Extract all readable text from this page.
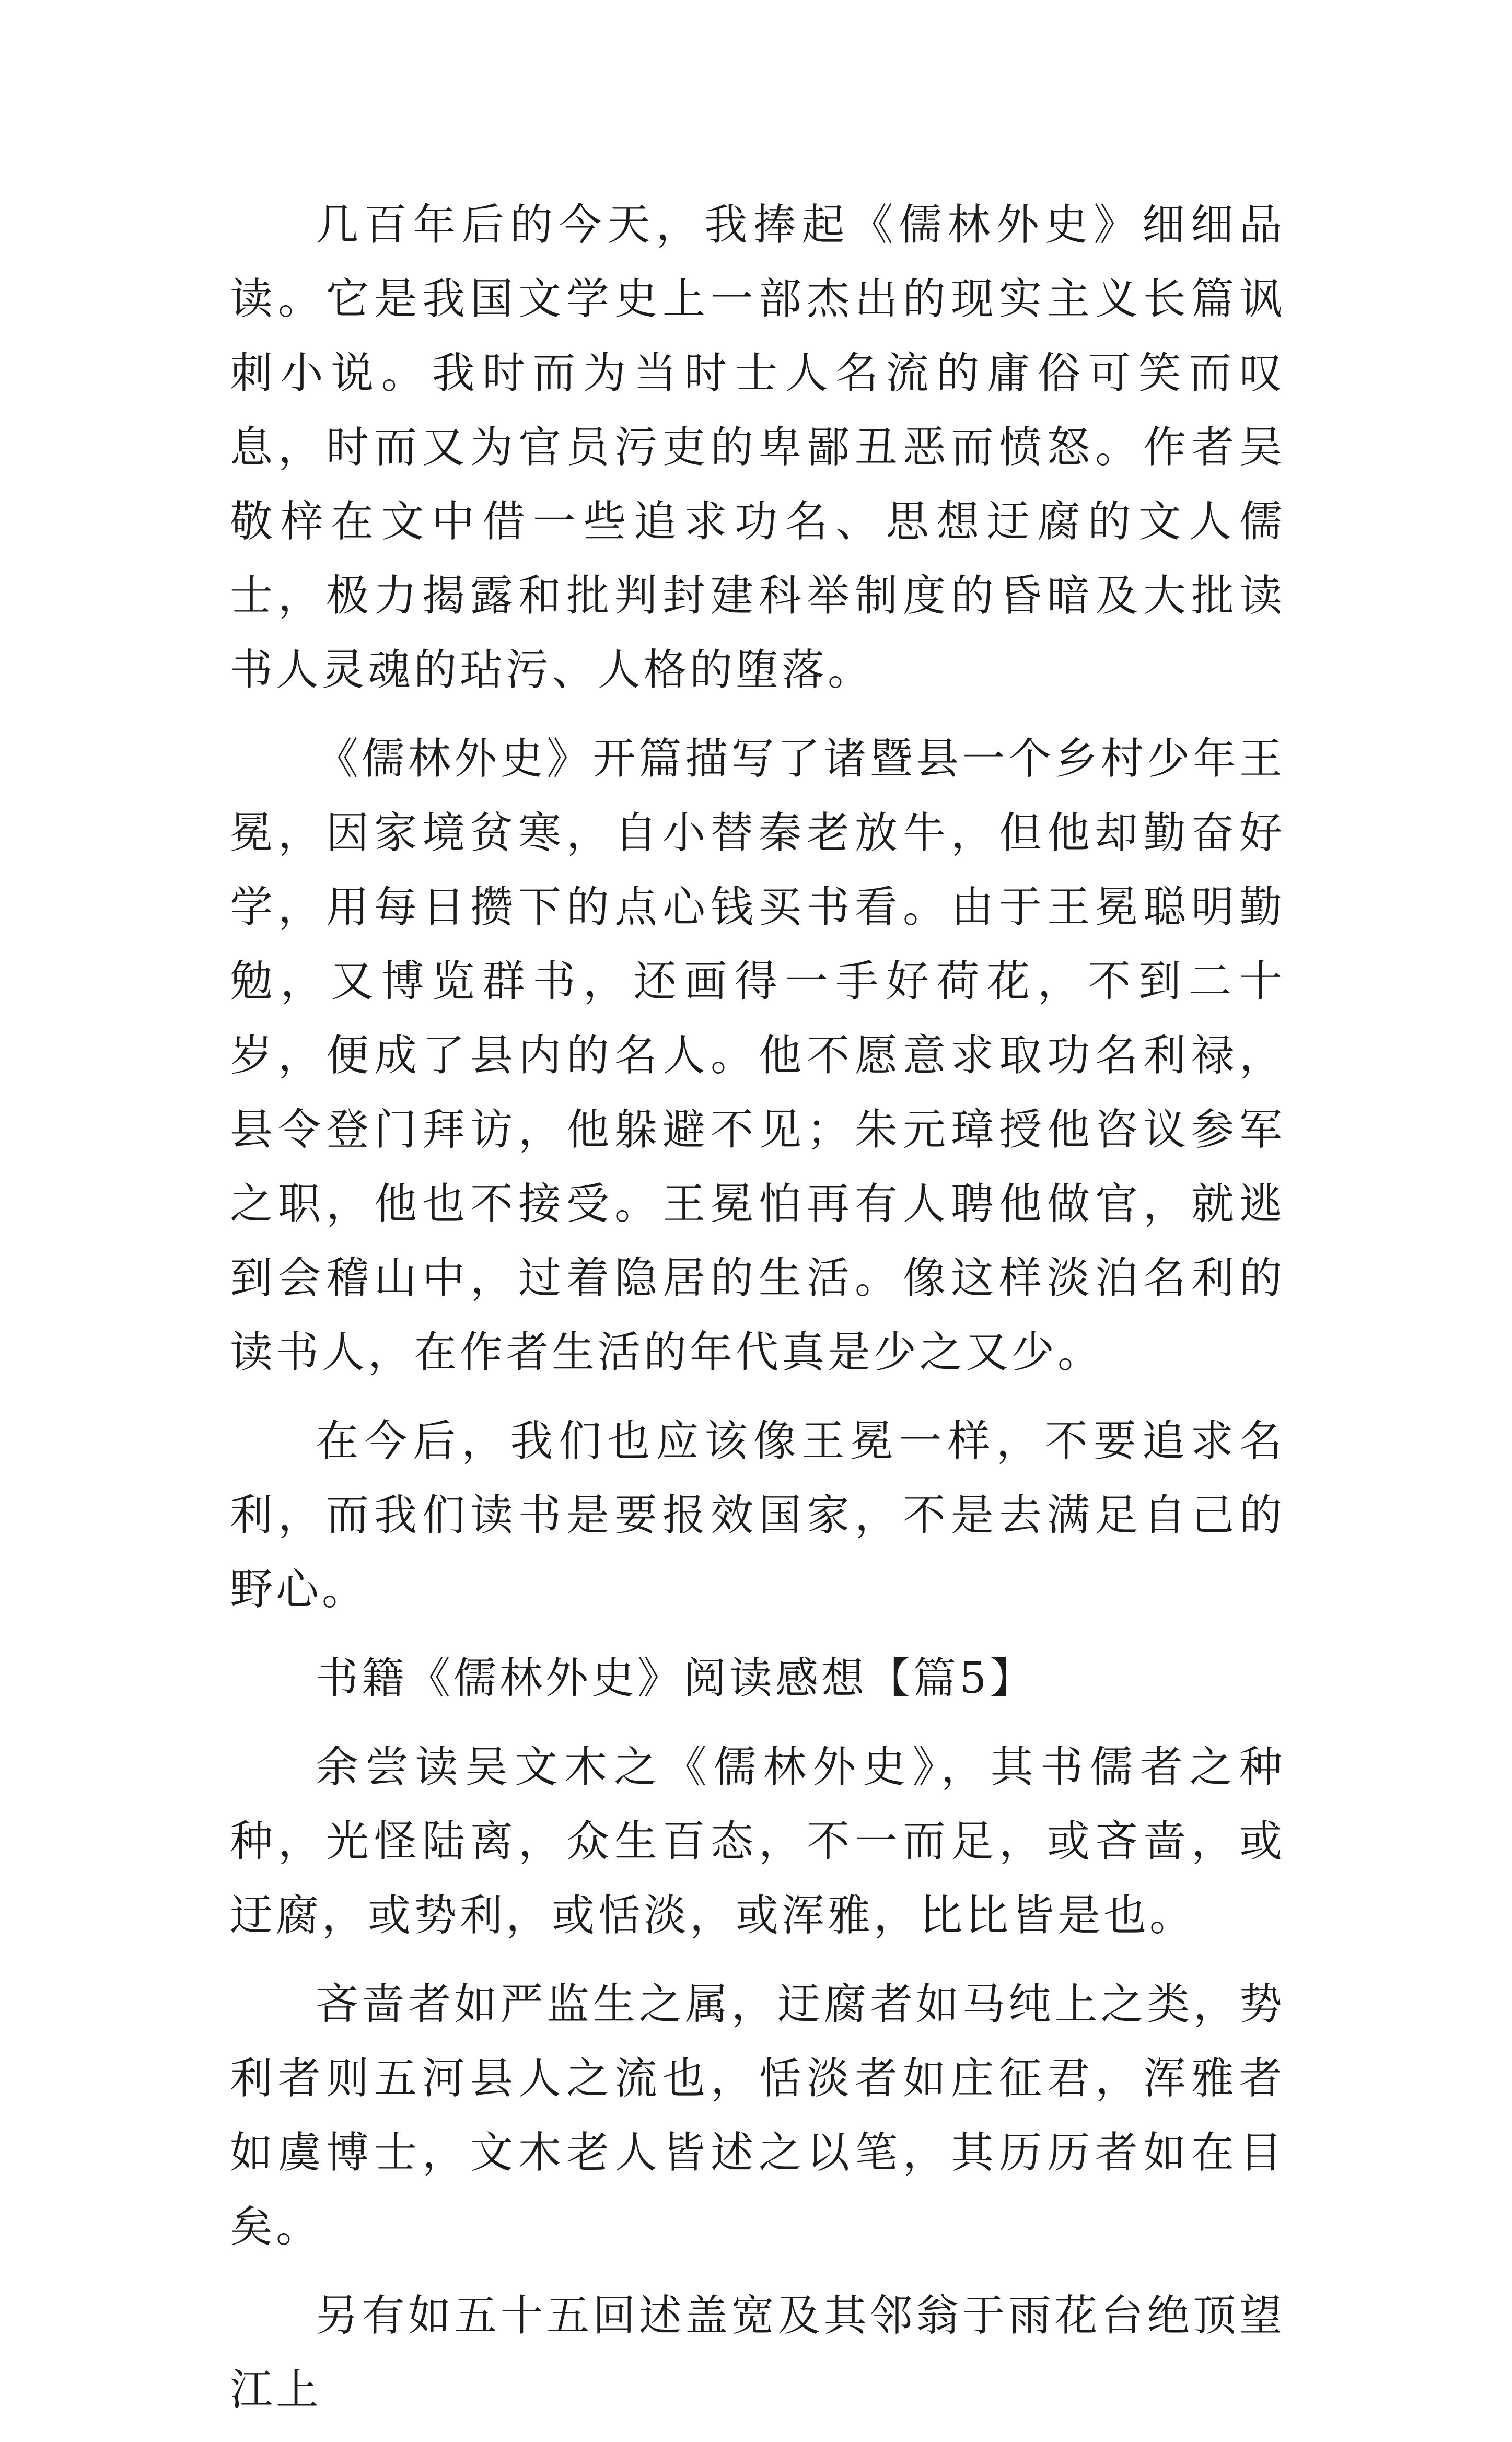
几百年后的今天，我捧起《儒林外史》细细品读。它是我国文学史上一部杰出的现实主义长篇讽刺小说。我时而为当时士人名流的庸俗可笑而叹息，时而又为官员污吏的卑鄙丑恶而愤怒。作者吴敬梓在文中借一些追求功名、思想迂腐的文人儒士，极力揭露和批判封建科举制度的昏暗及大批读书人灵魂的玷污、人格的堕落。

《儒林外史》开篇描写了诸暨县一个乡村少年王冕，因家境贫寒，自小替秦老放牛，但他却勤奋好学，用每日攒下的点心钱买书看。由于王冕聪明勤勉，又博览群书，还画得一手好荷花，不到二十岁，便成了县内的名人。他不愿意求取功名利禄，县令登门拜访，他躲避不见；朱元璋授他咨议参军之职，他也不接受。王冕怕再有人聘他做官，就逃到会稽山中，过着隐居的生活。像这样淡泊名利的读书人，在作者生活的年代真是少之又少。

在今后，我们也应该像王冕一样，不要追求名利，而我们读书是要报效国家，不是去满足自己的野心。

书籍《儒林外史》阅读感想【篇5】

余尝读吴文木之《儒林外史》，其书儒者之种种，光怪陆离，众生百态，不一而足，或吝啬，或迂腐，或势利，或恬淡，或浑雅，比比皆是也。

吝啬者如严监生之属，迂腐者如马纯上之类，势利者则五河县人之流也，恬淡者如庄征君，浑雅者如虞博士，文木老人皆述之以笔，其历历者如在目矣。

另有如五十五回述盖宽及其邻翁于雨花台绝顶望江上
